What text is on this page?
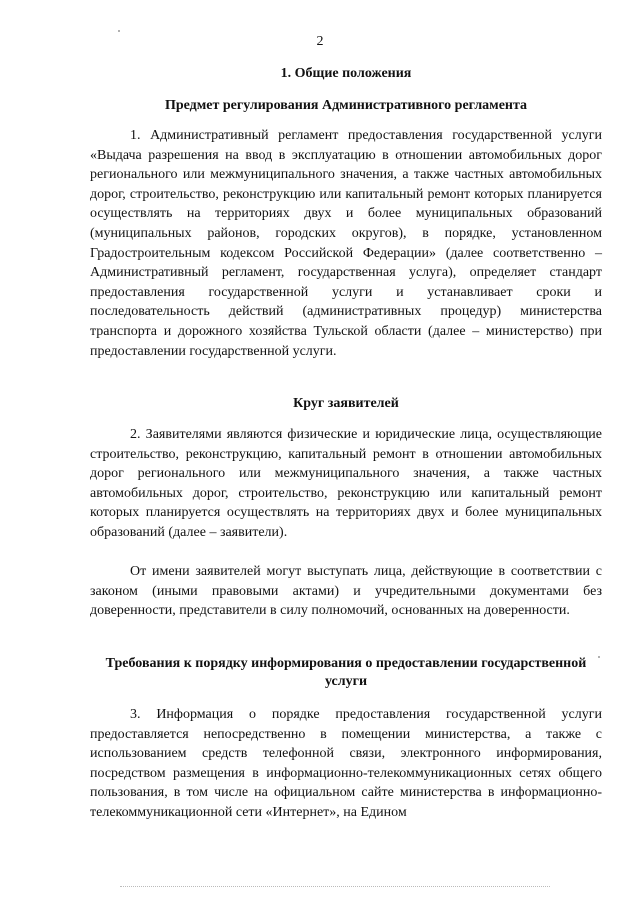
2
1. Общие положения
Предмет регулирования Административного регламента

1. Административный регламент предоставления государственной услуги «Выдача разрешения на ввод в эксплуатацию в отношении автомобильных дорог регионального или межмуниципального значения, а также частных автомобильных дорог, строительство, реконструкцию или капитальный ремонт которых планируется осуществлять на территориях двух и более муниципальных образований (муниципальных районов, городских округов), в порядке, установленном Градостроительным кодексом Российской Федерации» (далее соответственно – Административный регламент, государственная услуга), определяет стандарт предоставления государственной услуги и устанавливает сроки и последовательность действий (административных процедур) министерства транспорта и дорожного хозяйства Тульской области (далее – министерство) при предоставлении государственной услуги.

Круг заявителей

2. Заявителями являются физические и юридические лица, осуществляющие строительство, реконструкцию, капитальный ремонт в отношении автомобильных дорог регионального или межмуниципального значения, а также частных автомобильных дорог, строительство, реконструкцию или капитальный ремонт которых планируется осуществлять на территориях двух и более муниципальных образований (далее – заявители).

От имени заявителей могут выступать лица, действующие в соответствии с законом (иными правовыми актами) и учредительными документами без доверенности, представители в силу полномочий, основанных на доверенности.

Требования к порядку информирования о предоставлении государственной услуги

3. Информация о порядке предоставления государственной услуги предоставляется непосредственно в помещении министерства, а также с использованием средств телефонной связи, электронного информирования, посредством размещения в информационно-телекоммуникационных сетях общего пользования, в том числе на официальном сайте министерства в информационно-телекоммуникационной сети «Интернет», на Едином
